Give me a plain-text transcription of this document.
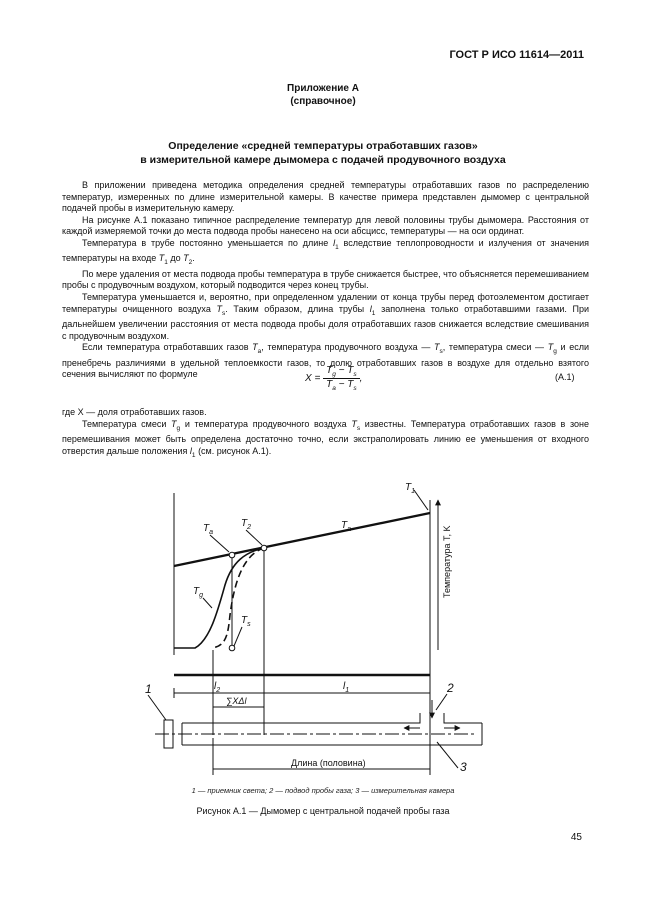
ГОСТ Р ИСО 11614—2011
Приложение А
(справочное)
Определение «средней температуры отработавших газов»
в измерительной камере дымомера с подачей продувочного воздуха

В приложении приведена методика определения средней температуры отработавших газов по распределению температур, измеренных по длине измерительной камеры. В качестве примера представлен дымомер с центральной подачей пробы в измерительную камеру.

На рисунке А.1 показано типичное распределение температур для левой половины трубы дымомера. Расстояния от каждой измеряемой точки до места подвода пробы нанесено на оси абсцисс, температуры — на оси ординат.

Температура в трубе постоянно уменьшается по длине $l_1$ вследствие теплопроводности и излучения от значения температуры на входе $T_1$ до $T_2$.

По мере удаления от места подвода пробы температура в трубе снижается быстрее, что объясняется перемешиванием пробы с продувочным воздухом, который подводится через конец трубы.

Температура уменьшается и, вероятно, при определенном удалении от конца трубы перед фотоэлементом достигает температуры очищенного воздуха $T_s$. Таким образом, длина трубы $l_1$ заполнена только отработавшими газами. При дальнейшем увеличении расстояния от места подвода пробы доля отработавших газов снижается вследствие смешивания с продувочным воздухом.

Если температура отработавших газов $T_a$, температура продувочного воздуха — $T_s$, температура смеси — $T_g$ и если пренебречь различиями в удельной теплоемкости газов, то долю отработавших газов в воздухе для отдельно взятого сечения вычисляют по формуле	$X = \frac{T_g - T_s}{T_a - T_s}$ ,	(А.1)

где X — доля отработавших газов.

Температура смеси $T_g$ и температура продувочного воздуха $T_s$ известны. Температура отработавших газов в зоне перемешивания может быть определена достаточно точно, если экстраполировать линию ее уменьшения от входного отверстия дальше положения $l_1$ (см. рисунок А.1).

$T_1$
$T_2$
$T_a$
$T_a$
$T_g$
$T_s$
$l_2$	$l_1$
∑XΔl
1	2
3
Длина (половина)
Температура T, K
1 — приемник света; 2 — подвод пробы газа; 3 — измерительная камера
Рисунок А.1 — Дымомер с центральной подачей пробы газа
45
